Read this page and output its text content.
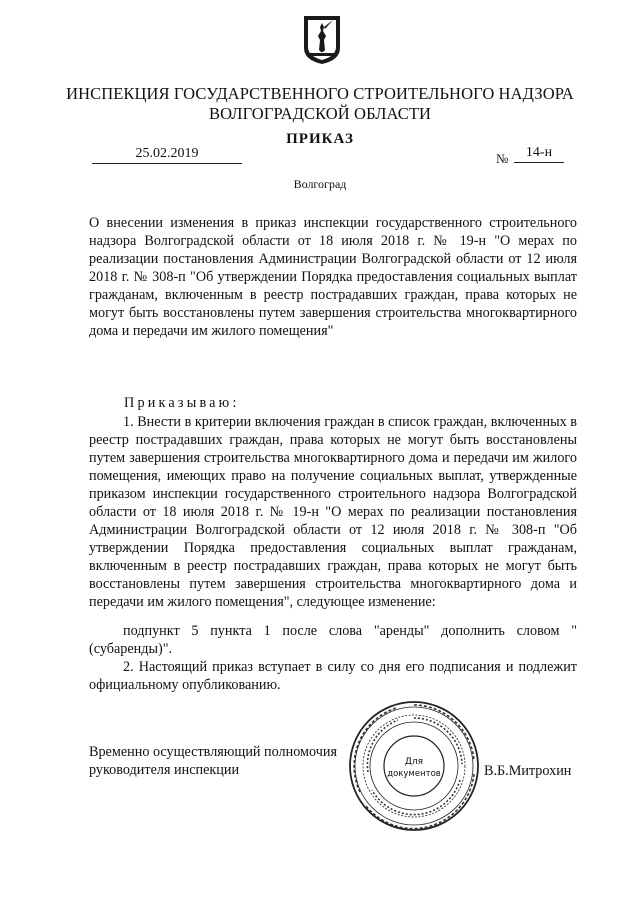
ИНСПЕКЦИЯ ГОСУДАРСТВЕННОГО СТРОИТЕЛЬНОГО НАДЗОРА
ВОЛГОГРАДСКОЙ ОБЛАСТИ
ПРИКАЗ
25.02.2019	№	14-н
Волгоград
О внесении изменения в приказ инспекции государственного строительного надзора Волгоградской области от 18 июля 2018 г. № 19-н "О мерах по реализации постановления Администрации Волгоградской области от 12 июля 2018 г. № 308-п "Об утверждении Порядка предоставления социальных выплат гражданам, включенным в реестр пострадавших граждан, права которых не могут быть восстановлены путем завершения строительства многоквартирного дома и передачи им жилого помещения"
Приказываю:
1. Внести в критерии включения граждан в список граждан, включенных в реестр пострадавших граждан, права которых не могут быть восстановлены путем завершения строительства многоквартирного дома и передачи им жилого помещения, имеющих право на получение социальных выплат, утвержденные приказом инспекции государственного строительного надзора Волгоградской области от 18 июля 2018 г. № 19-н "О мерах по реализации постановления Администрации Волгоградской области от 12 июля 2018 г. № 308-п "Об утверждении Порядка предоставления социальных выплат гражданам, включенным в реестр пострадавших граждан, права которых не могут быть восстановлены путем завершения строительства многоквартирного дома и передачи им жилого помещения", следующее изменение:
подпункт 5 пункта 1 после слова "аренды" дополнить словом "(субаренды)".
2. Настоящий приказ вступает в силу со дня его подписания и подлежит официальному опубликованию.
Временно осуществляющий полномочия
руководителя инспекции	Для
документов	В.Б.Митрохин
